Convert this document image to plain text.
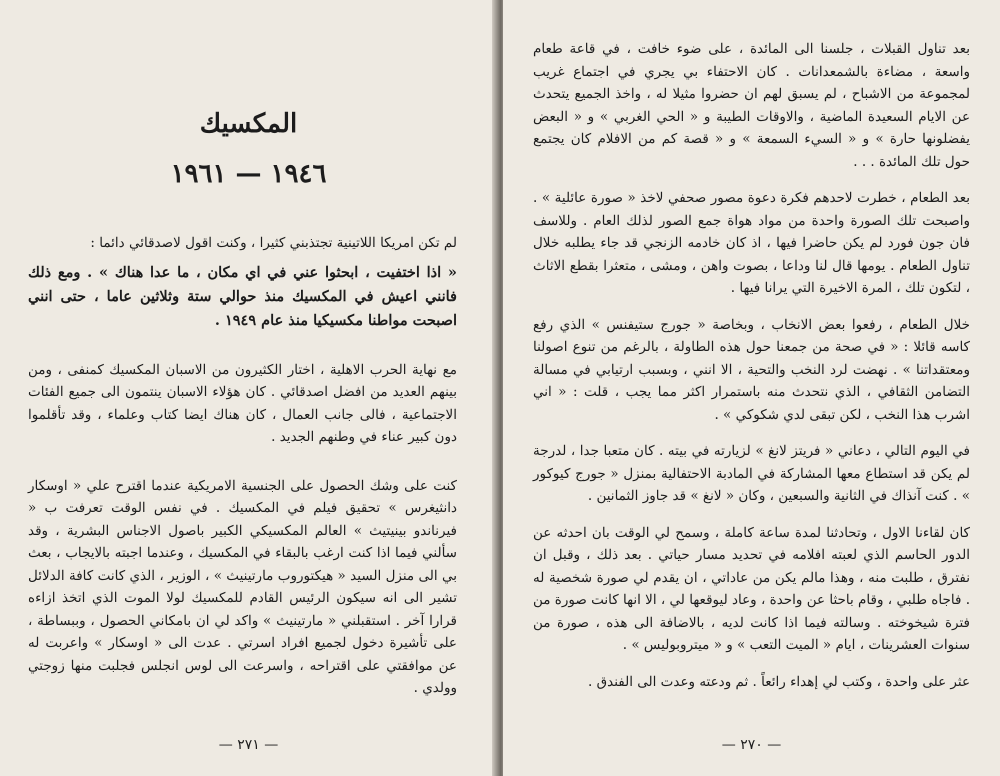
المكسيك
١٩٤٦ — ١٩٦١

لم تكن امريكا اللاتينية تجتذبني كثيرا ، وكنت اقول لاصدقائي دائما :

« اذا اختفيت ، ابحثوا عني في اي مكان ، ما عدا هناك » . ومع ذلك فانني اعيش في المكسيك منذ حوالي ستة وثلاثين عاما ، حتى انني اصبحت مواطنا مكسيكيا منذ عام ١٩٤٩ .

مع نهاية الحرب الاهلية ، اختار الكثيرون من الاسبان المكسيك كمنفى ، ومن بينهم العديد من افضل اصدقائي . كان هؤلاء الاسبان ينتمون الى جميع الفئات الاجتماعية ، فالى جانب العمال ، كان هناك ايضا كتاب وعلماء ، وقد تأقلموا دون كبير عناء في وطنهم الجديد .

كنت على وشك الحصول على الجنسية الامريكية عندما اقترح علي « اوسكار دانثيغرس » تحقيق فيلم في المكسيك . في نفس الوقت تعرفت ب « فيرناندو بينيتيث » العالم المكسيكي الكبير باصول الاجناس البشرية ، وقد سألني فيما اذا كنت ارغب بالبقاء في المكسيك ، وعندما اجبته بالايجاب ، بعث بي الى منزل السيد « هيكتوروب مارتينيث » ، الوزير ، الذي كانت كافة الدلائل تشير الى انه سيكون الرئيس القادم للمكسيك لولا الموت الذي اتخذ ازاءه قرارا آخر . استقبلني « مارتينيث » واكد لي ان بامكاني الحصول ، وببساطة ، على تأشيرة دخول لجميع افراد اسرتي . عدت الى « اوسكار » واعربت له عن موافقتي على اقتراحه ، واسرعت الى لوس انجلس فجلبت منها زوجتي وولدي .

— ٢٧١ —

بعد تناول القبلات ، جلسنا الى المائدة ، على ضوء خافت ، في قاعة طعام واسعة ، مضاءة بالشمعدانات . كان الاحتفاء بي يجري في اجتماع غريب لمجموعة من الاشباح ، لم يسبق لهم ان حضروا مثيلا له ، واخذ الجميع يتحدث عن الايام السعيدة الماضية ، والاوقات الطيبة و « الحي الغربي » و « البعض يفضلونها حارة » و « السيء السمعة » و « قصة كم من الافلام كان يجتمع حول تلك المائدة . . .

بعد الطعام ، خطرت لاحدهم فكرة دعوة مصور صحفي لاخذ « صورة عائلية » . واصبحت تلك الصورة واحدة من مواد هواة جمع الصور لذلك العام . وللاسف فان جون فورد لم يكن حاضرا فيها ، اذ كان خادمه الزنجي قد جاء يطلبه خلال تناول الطعام . يومها قال لنا وداعا ، بصوت واهن ، ومشى ، متعثرا بقطع الاثاث ، لتكون تلك ، المرة الاخيرة التي يرانا فيها .

خلال الطعام ، رفعوا بعض الانخاب ، وبخاصة « جورج ستيفنس » الذي رفع كاسه قائلا : « في صحة من جمعنا حول هذه الطاولة ، بالرغم من تنوع اصولنا ومعتقداتنا » . نهضت لرد النخب والتحية ، الا انني ، وبسبب ارتيابي في مسالة التضامن الثقافي ، الذي نتحدث منه باستمرار اكثر مما يجب ، قلت : « اني اشرب هذا النخب ، لكن تبقى لدي شكوكي » .

في اليوم التالي ، دعاني « فريتز لانغ » لزيارته في بيته . كان متعبا جدا ، لدرجة لم يكن قد استطاع معها المشاركة في المادبة الاحتفالية بمنزل « جورج كيوكور » . كنت آنذاك في الثانية والسبعين ، وكان « لانغ » قد جاوز الثمانين .

كان لقاءنا الاول ، وتحادثنا لمدة ساعة كاملة ، وسمح لي الوقت بان احدثه عن الدور الحاسم الذي لعبته افلامه في تحديد مسار حياتي . بعد ذلك ، وقبل ان نفترق ، طلبت منه ، وهذا مالم يكن من عاداتي ، ان يقدم لي صورة شخصية له . فاجاه طلبي ، وقام باحثا عن واحدة ، وعاد ليوقعها لي ، الا انها كانت صورة من فترة شيخوخته . وسالته فيما اذا كانت لديه ، بالاضافة الى هذه ، صورة من سنوات العشرينات ، ايام « الميت التعب » و « ميتروبوليس » .

عثر على واحدة ، وكتب لي إهداء رائعاً . ثم ودعته وعدت الى الفندق .

— ٢٧٠ —
